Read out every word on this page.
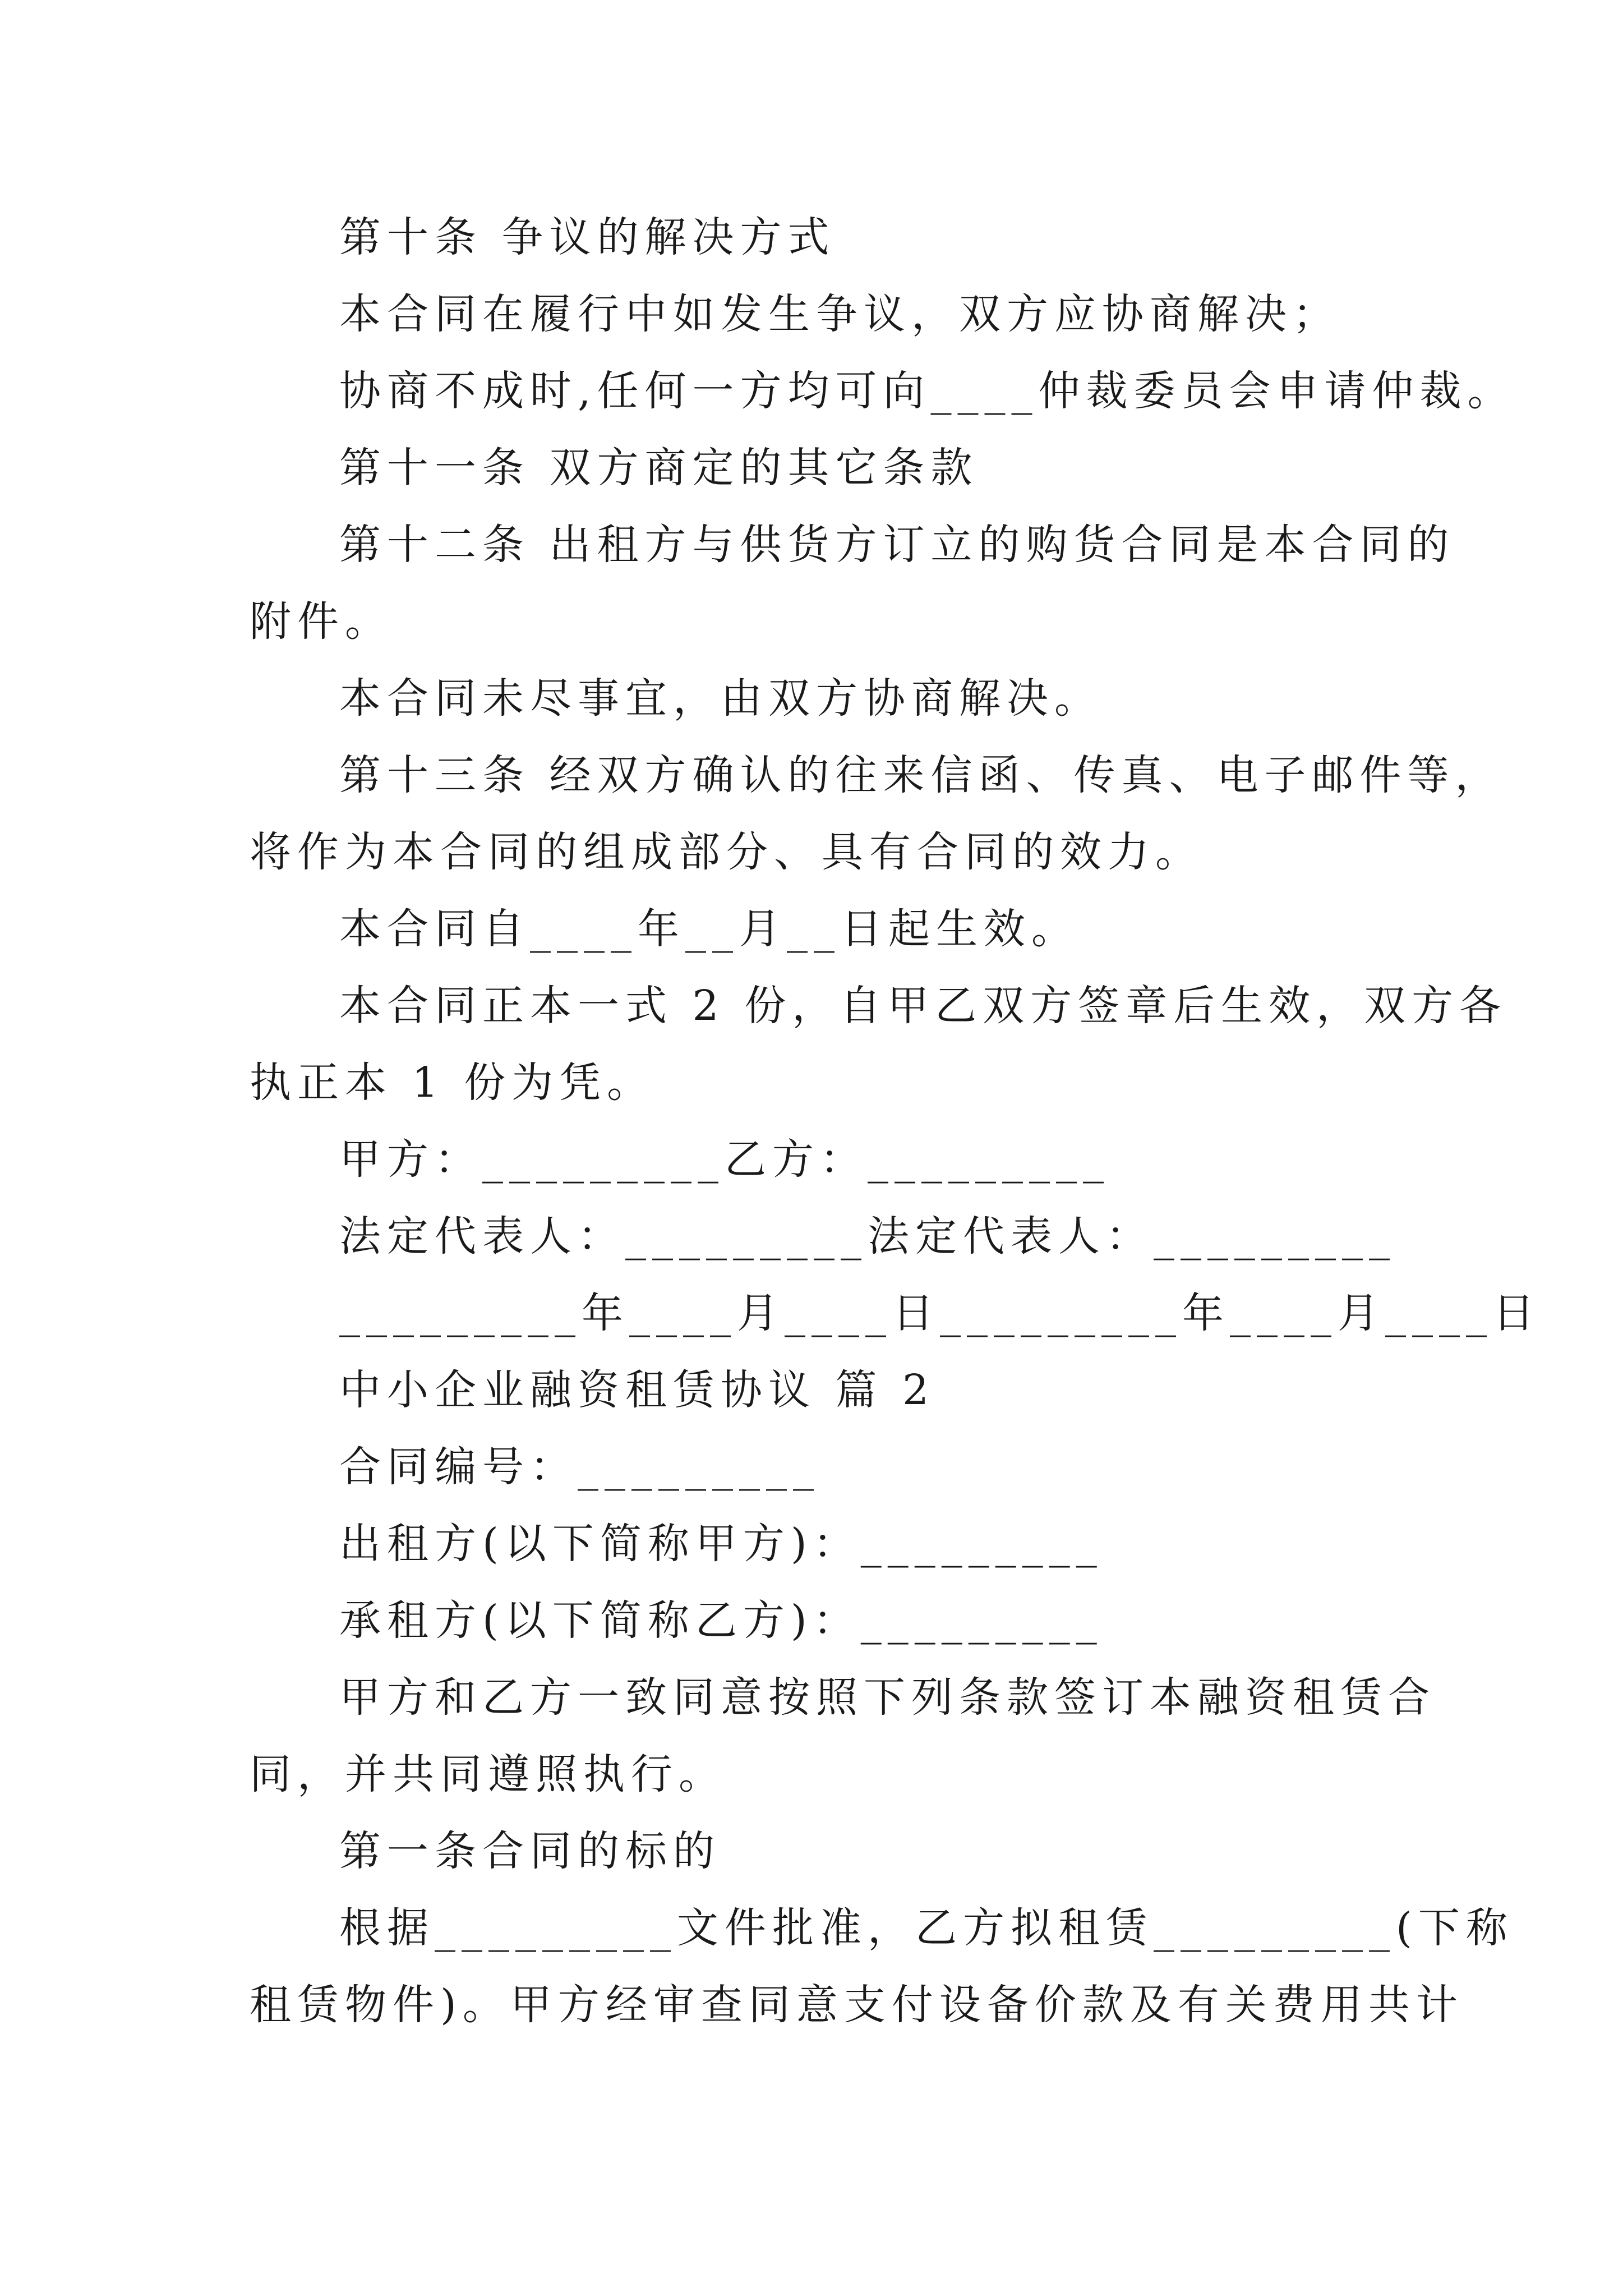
第十条 争议的解决方式
本合同在履行中如发生争议，双方应协商解决；
协商不成时,任何一方均可向____仲裁委员会申请仲裁。
第十一条 双方商定的其它条款
第十二条 出租方与供货方订立的购货合同是本合同的
附件。
本合同未尽事宜，由双方协商解决。
第十三条 经双方确认的往来信函、传真、电子邮件等，
将作为本合同的组成部分、具有合同的效力。
本合同自____年__月__日起生效。
本合同正本一式 2 份，自甲乙双方签章后生效，双方各
执正本 1 份为凭。
甲方：_________乙方：_________
法定代表人：_________法定代表人：_________
_________年____月____日_________年____月____日
中小企业融资租赁协议 篇 2
合同编号：_________
出租方(以下简称甲方)：_________
承租方(以下简称乙方)：_________
甲方和乙方一致同意按照下列条款签订本融资租赁合
同，并共同遵照执行。
第一条合同的标的
根据_________文件批准，乙方拟租赁_________(下称
租赁物件)。甲方经审查同意支付设备价款及有关费用共计
